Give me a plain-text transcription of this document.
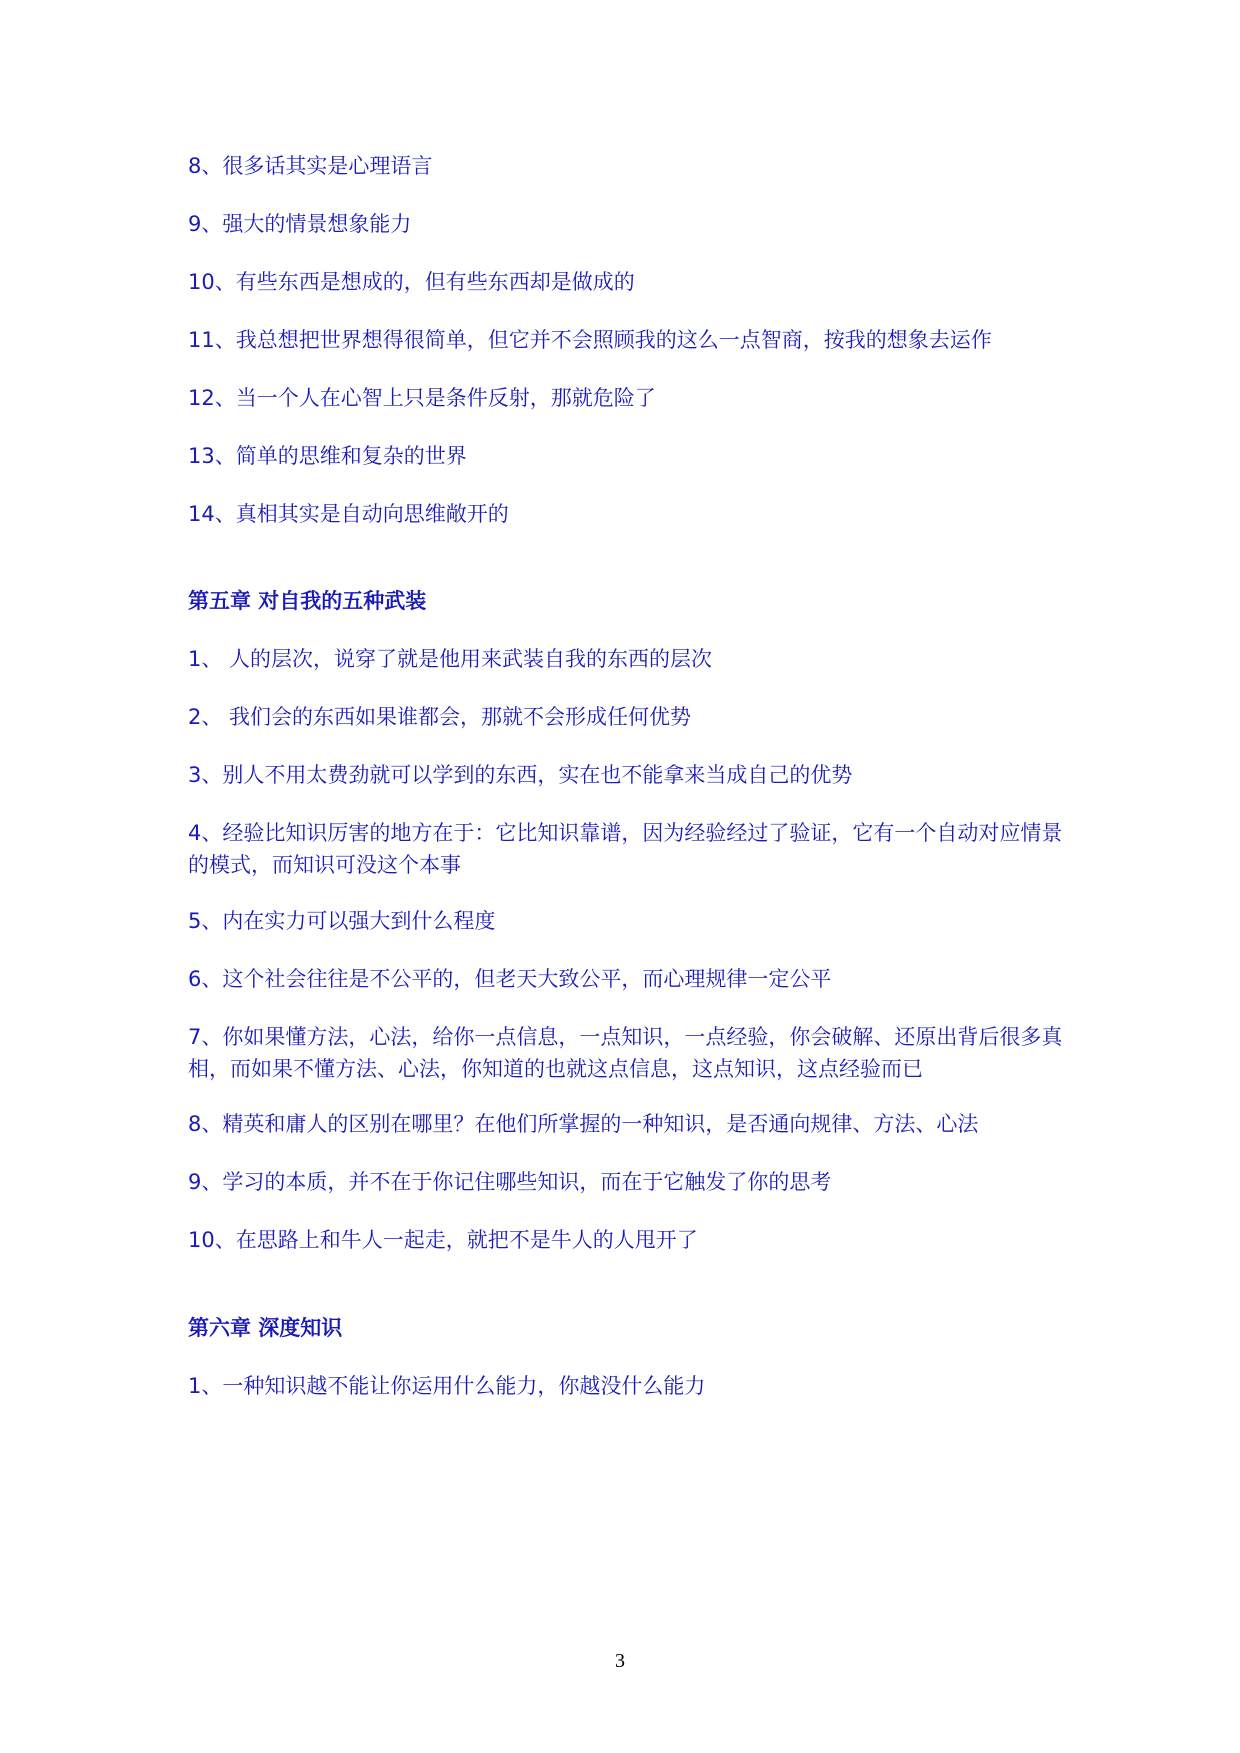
8、很多话其实是心理语言
9、强大的情景想象能力
10、有些东西是想成的，但有些东西却是做成的
11、我总想把世界想得很简单，但它并不会照顾我的这么一点智商，按我的想象去运作
12、当一个人在心智上只是条件反射，那就危险了
13、简单的思维和复杂的世界
14、真相其实是自动向思维敞开的
第五章 对自我的五种武装
1、 人的层次，说穿了就是他用来武装自我的东西的层次
2、 我们会的东西如果谁都会，那就不会形成任何优势
3、别人不用太费劲就可以学到的东西，实在也不能拿来当成自己的优势
4、经验比知识厉害的地方在于：它比知识靠谱，因为经验经过了验证，它有一个自动对应情景的模式，而知识可没这个本事
5、内在实力可以强大到什么程度
6、这个社会往往是不公平的，但老天大致公平，而心理规律一定公平
7、你如果懂方法，心法，给你一点信息，一点知识，一点经验，你会破解、还原出背后很多真相，而如果不懂方法、心法，你知道的也就这点信息，这点知识，这点经验而已
8、精英和庸人的区别在哪里？在他们所掌握的一种知识，是否通向规律、方法、心法
9、学习的本质，并不在于你记住哪些知识，而在于它触发了你的思考
10、在思路上和牛人一起走，就把不是牛人的人甩开了
第六章 深度知识
1、一种知识越不能让你运用什么能力，你越没什么能力
3
